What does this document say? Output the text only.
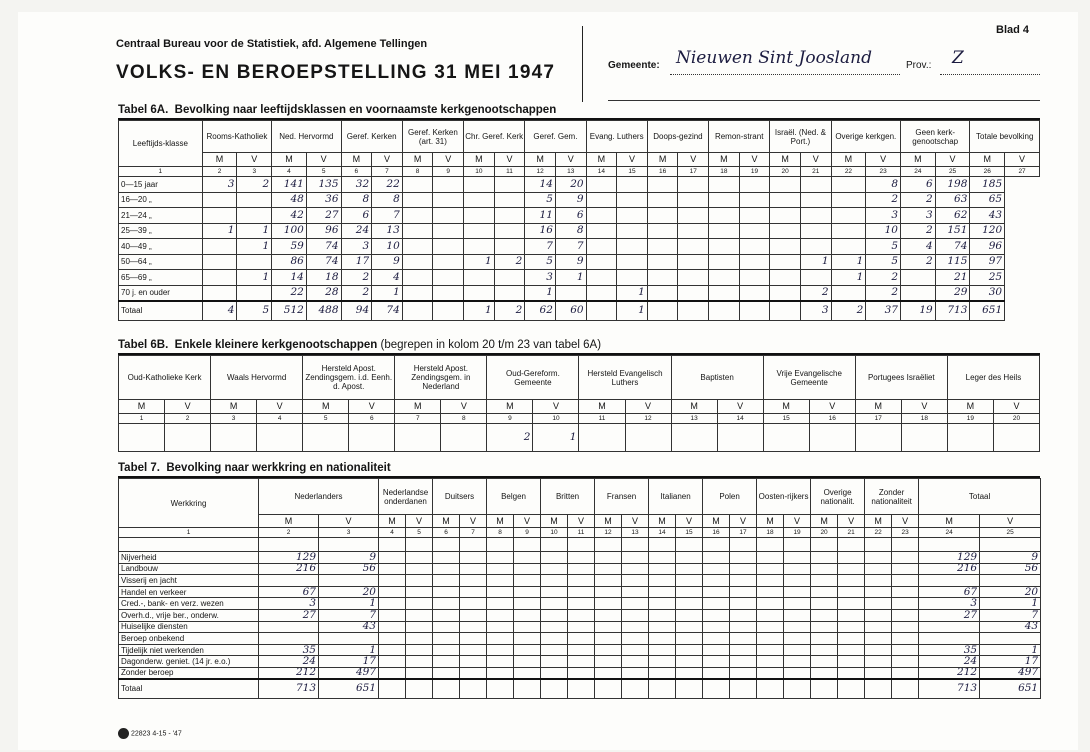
Centraal Bureau voor de Statistiek, afd. Algemene Tellingen
VOLKS- EN BEROEPSTELLING 31 MEI 1947
Blad 4
Gemeente: Nieuwen Sint Joosland	Prov.: Z
Tabel 6A. Bevolking naar leeftijdsklassen en voornaamste kerkgenootschappen
Leeftijds-klasse	Rooms-Katholiek		Ned. Hervormd		Geref. Kerken		Geref. Kerken (art. 31)		Chr. Geref. Kerk		Geref. Gem.		Evang. Luthers		Doops-gezind		Remon-strant		Israël. (Ned. & Port.)		Overige kerkgen.		Geen kerk-genootschap		Totale bevolking	
	M	V	M	V	M	V	M	V	M	V	M	V	M	V	M	V	M	V	M	V	M	V	M	V	M	V
1	2	3	4	5	6	7	8	9	10	11	12	13	14	15	16	17	18	19	20	21	22	23	24	25	26	27
0—15 jaar	3	2	141	135	32	22					14	20										8	6	198	185	
16—20 „			48	36	8	8					5	9										2	2	63	65	
21—24 „			42	27	6	7					11	6										3	3	62	43	
25—39 „	1	1	100	96	24	13					16	8										10	2	151	120	
40—49 „		1	59	74	3	10					7	7										5	4	74	96	
50—64 „			86	74	17	9			1	2	5	9								1	1	5	2	115	97	
65—69 „		1	14	18	2	4					3	1									1	2		21	25	
70 j. en ouder			22	28	2	1					1			1						2		2		29	30	
Totaal	4	5	512	488	94	74			1	2	62	60		1						3	2	37	19	713	651	
Tabel 6B. Enkele kleinere kerkgenootschappen (begrepen in kolom 20 t/m 23 van tabel 6A)
Oud-Katholieke Kerk		Waals Hervormd		Hersteld Apost. Zendingsgem. i.d. Eenh. d. Apost.		Hersteld Apost. Zendingsgem. in Nederland		Oud-Gereform. Gemeente		Hersteld Evangelisch Luthers		Baptisten		Vrije Evangelische Gemeente		Portugees Israëliet		Leger des Heils	
M	V	M	V	M	V	M	V	M	V	M	V	M	V	M	V	M	V	M	V
1	2	3	4	5	6	7	8	9	10	11	12	13	14	15	16	17	18	19	20
								2	1										
Tabel 7. Bevolking naar werkkring en nationaliteit
Werkkring	Nederlanders		Nederlandse onderdanen		Duitsers		Belgen		Britten		Fransen		Italianen		Polen		Oosten-rijkers		Overige nationalit.		Zonder nationaliteit		Totaal	
	M	V	M	V	M	V	M	V	M	V	M	V	M	V	M	V	M	V	M	V	M	V	M	V
1	2	3	4	5	6	7	8	9	10	11	12	13	14	15	16	17	18	19	20	21	22	23	24	25

Nijverheid	129	9																					129	9
Landbouw	216	56																					216	56
Visserij en jacht																								
Handel en verkeer	67	20																					67	20
Cred.-, bank- en verz. wezen	3	1																					3	1
Overh.d., vrije ber., onderw.	27	7																					27	7
Huiselijke diensten		43																						43
Beroep onbekend																								
Tijdelijk niet werkenden	35	1																					35	1
Dagonderw. geniet. (14 jr. e.o.)	24	17																					24	17
Zonder beroep	212	497																					212	497
Totaal	713	651																					713	651
22823 4-15 - '47
